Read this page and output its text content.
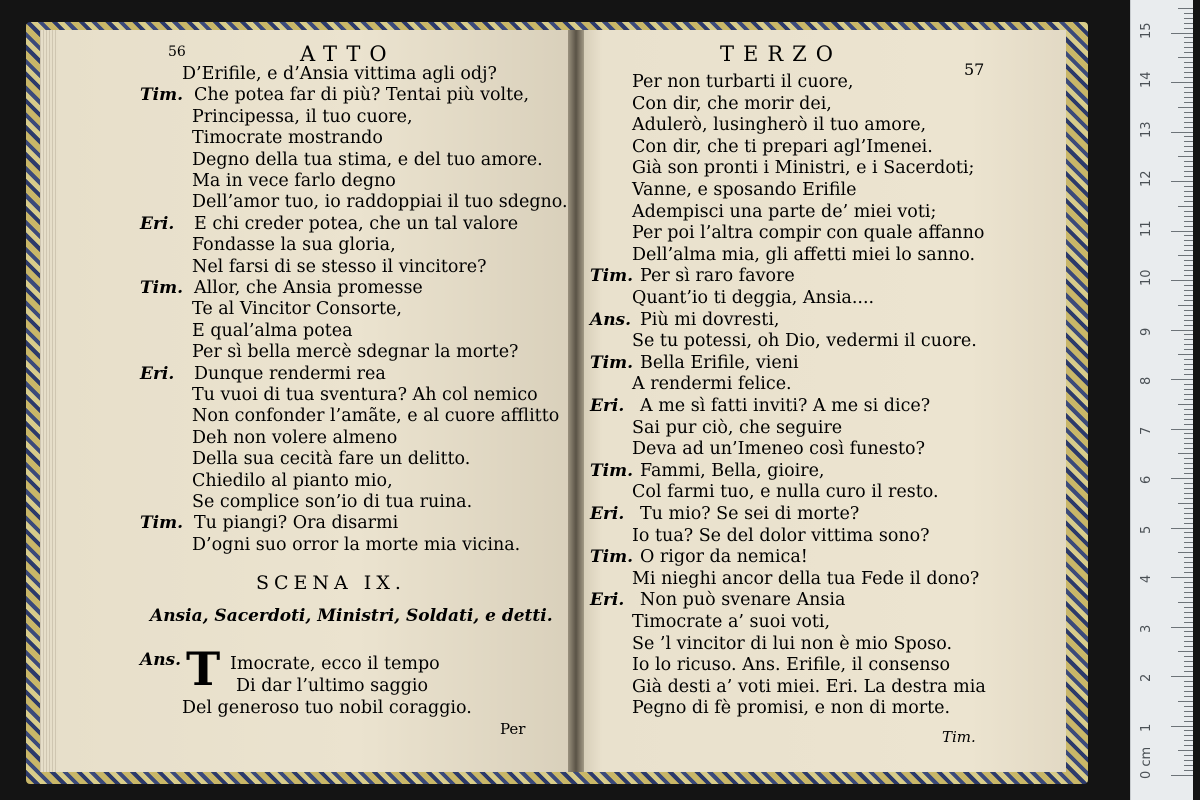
56	ATTO
57
TERZO
D’Erifile, e d’Ansia vittima agli odj?
Tim. Che potea far di più? Tentai più volte,
Principessa, il tuo cuore,
Timocrate mostrando
Degno della tua stima, e del tuo amore.
Ma in vece farlo degno
Dell’amor tuo, io raddoppiai il tuo sdegno.
Eri. E chi creder potea, che un tal valore
Fondasse la sua gloria,
Nel farsi di se stesso il vincitore?
Tim. Allor, che Ansia promesse
Te al Vincitor Consorte,
E qual’alma potea
Per sì bella mercè sdegnar la morte?
Eri. Dunque rendermi rea
Tu vuoi di tua sventura? Ah col nemico
Non confonder l’amãte, e al cuore afflitto
Deh non volere almeno
Della sua cecità fare un delitto.
Chiedilo al pianto mio,
Se complice son’io di tua ruina.
Tim. Tu piangi? Ora disarmi
D’ogni suo orror la morte mia vicina.
SCENA IX.
Ansia, Sacerdoti, Ministri, Soldati, e detti.
Ans. T Imocrate, ecco il tempo
Di dar l’ultimo saggio
Del generoso tuo nobil coraggio.
Per
Per non turbarti il cuore,
Con dir, che morir dei,
Adulerò, lusingherò il tuo amore,
Con dir, che ti prepari agl’Imenei.
Già son pronti i Ministri, e i Sacerdoti;
Vanne, e sposando Erifile
Adempisci una parte de’ miei voti;
Per poi l’altra compir con quale affanno
Dell’alma mia, gli affetti miei lo sanno.
Tim. Per sì raro favore
Quant’io ti deggia, Ansia....
Ans. Più mi dovresti,
Se tu potessi, oh Dio, vedermi il cuore.
Tim. Bella Erifile, vieni
A rendermi felice.
Eri. A me sì fatti inviti? A me si dice?
Sai pur ciò, che seguire
Deva ad un’Imeneo così funesto?
Tim. Fammi, Bella, gioire,
Col farmi tuo, e nulla curo il resto.
Eri. Tu mio? Se sei di morte?
Io tua? Se del dolor vittima sono?
Tim. O rigor da nemica!
Mi nieghi ancor della tua Fede il dono?
Eri. Non può svenare Ansia
Timocrate a’ suoi voti,
Se ’l vincitor di lui non è mio Sposo.
Io lo ricuso. Ans. Erifile, il consenso
Già desti a’ voti miei. Eri. La destra mia
Pegno di fè promisi, e non di morte.
Tim.
0 cm
1
2
3
4
5
6
7
8
9
10
11
12
13
14
15
